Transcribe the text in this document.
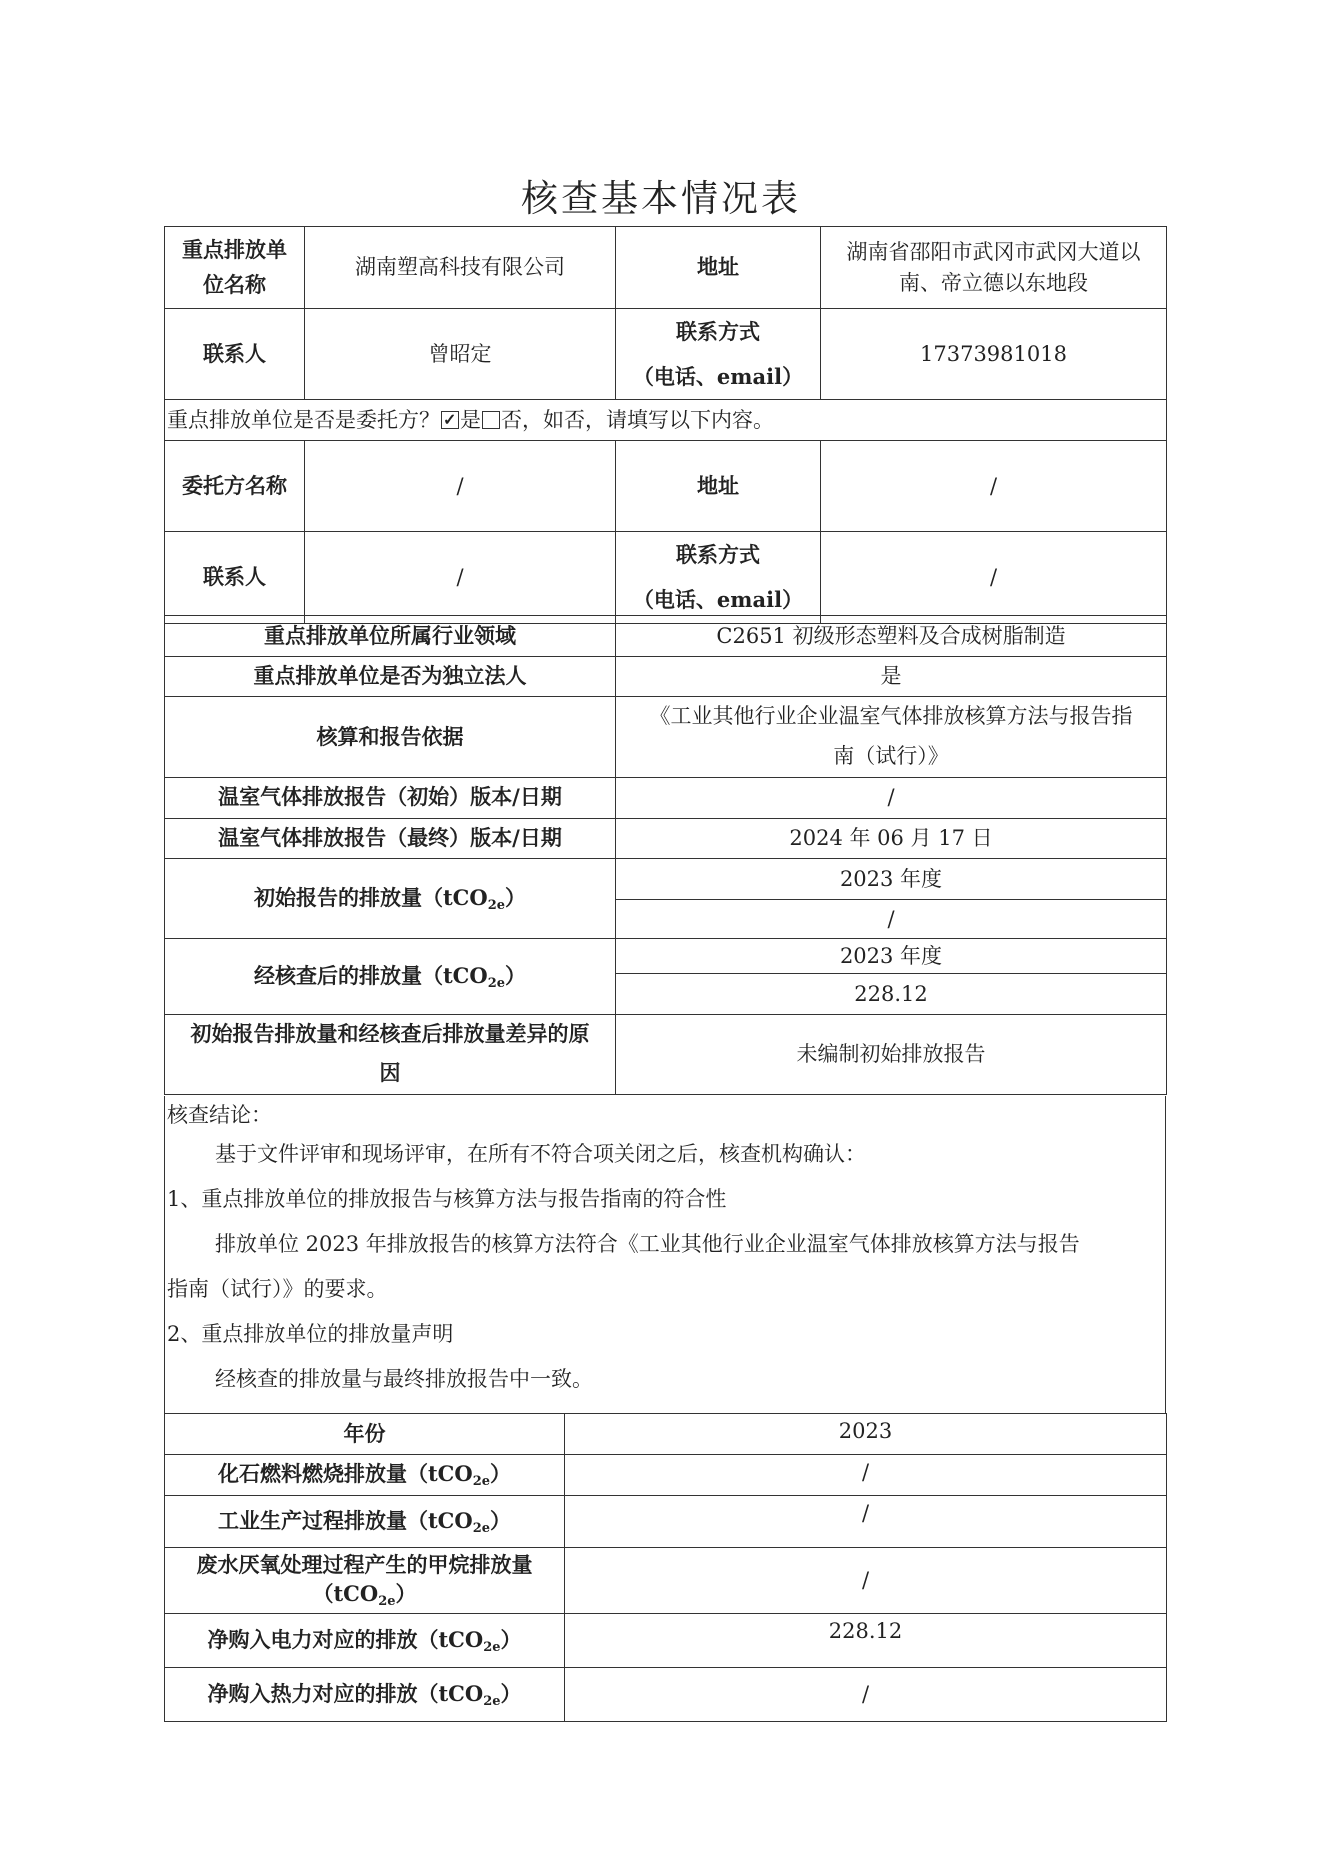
核查基本情况表
重点排放单
位名称	湖南塑高科技有限公司	地址	湖南省邵阳市武冈市武冈大道以
南、帝立德以东地段
联系人	曾昭定	联系方式
（电话、email）	17373981018
重点排放单位是否是委托方？ ✓ 是 否，如否，请填写以下内容。
委托方名称	/	地址	/
联系人	/	联系方式
（电话、email）	/
重点排放单位所属行业领域	C2651 初级形态塑料及合成树脂制造
重点排放单位是否为独立法人	是
核算和报告依据	《工业其他行业企业温室气体排放核算方法与报告指
南（试行）》
温室气体排放报告（初始）版本/日期	/
温室气体排放报告（最终）版本/日期	2024 年 06 月 17 日
初始报告的排放量（tCO$_{2e}$）	2023 年度
/

经核查后的排放量（tCO$_{2e}$）	2023 年度
228.12

初始报告排放量和经核查后排放量差异的原
因	未编制初始排放报告

核查结论：

基于文件评审和现场评审，在所有不符合项关闭之后，核查机构确认：

1、重点排放单位的排放报告与核算方法与报告指南的符合性

排放单位 2023 年排放报告的核算方法符合《工业其他行业企业温室气体排放核算方法与报告

指南（试行）》的要求。

2、重点排放单位的排放量声明

经核查的排放量与最终排放报告中一致。

年份	2023
化石燃料燃烧排放量（tCO$_{2e}$）	/
工业生产过程排放量（tCO$_{2e}$）	/
废水厌氧处理过程产生的甲烷排放量
（tCO$_{2e}$）	/
净购入电力对应的排放（tCO$_{2e}$）	228.12
净购入热力对应的排放（tCO$_{2e}$）	/
